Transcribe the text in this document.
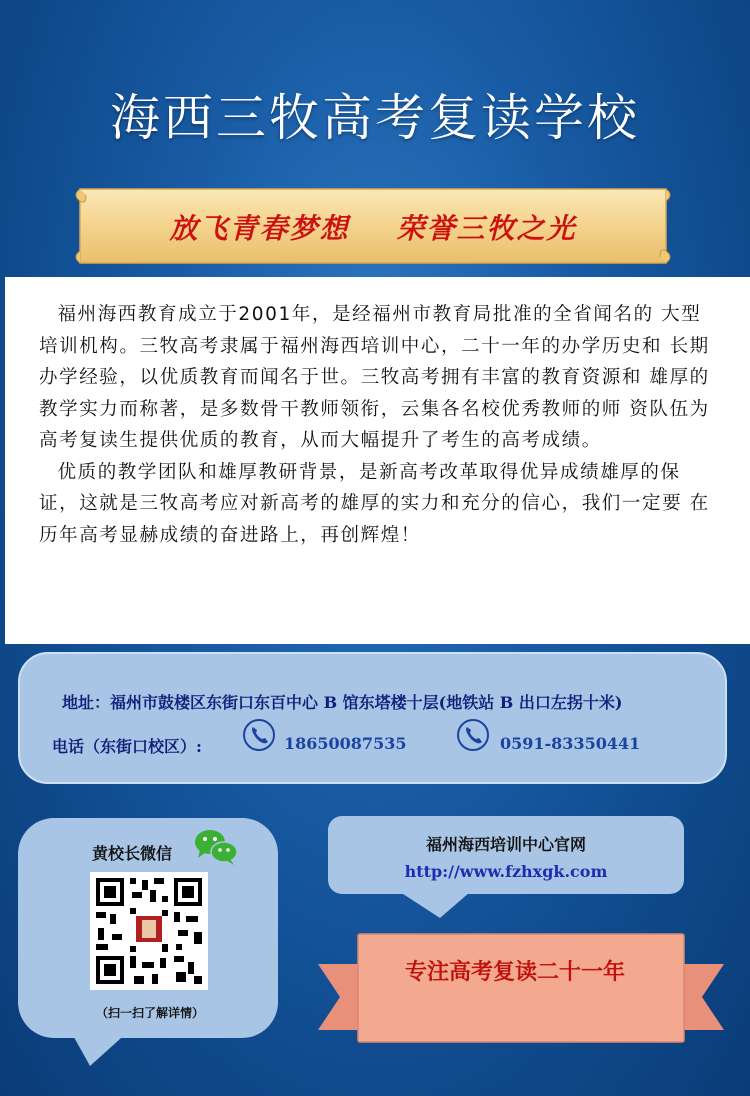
海西三牧高考复读学校
放飞青春梦想    荣誉三牧之光

福州海西教育成立于2001年，是经福州市教育局批准的全省闻名的 大型培训机构。三牧高考隶属于福州海西培训中心，二十一年的办学历史和 长期办学经验，以优质教育而闻名于世。三牧高考拥有丰富的教育资源和 雄厚的教学实力而称著，是多数骨干教师领衔，云集各名校优秀教师的师 资队伍为高考复读生提供优质的教育，从而大幅提升了考生的高考成绩。

优质的教学团队和雄厚教研背景，是新高考改革取得优异成绩雄厚的保 证，这就是三牧高考应对新高考的雄厚的实力和充分的信心，我们一定要 在历年高考显赫成绩的奋进路上，再创辉煌！

地址：福州市鼓楼区东街口东百中心 B 馆东塔楼十层(地铁站 B 出口左拐十米)
电话（东街口校区）:	18650087535	0591-83350441
黄校长微信
（扫一扫了解详情）
福州海西培训中心官网
http://www.fzhxgk.com
专注高考复读二十一年
